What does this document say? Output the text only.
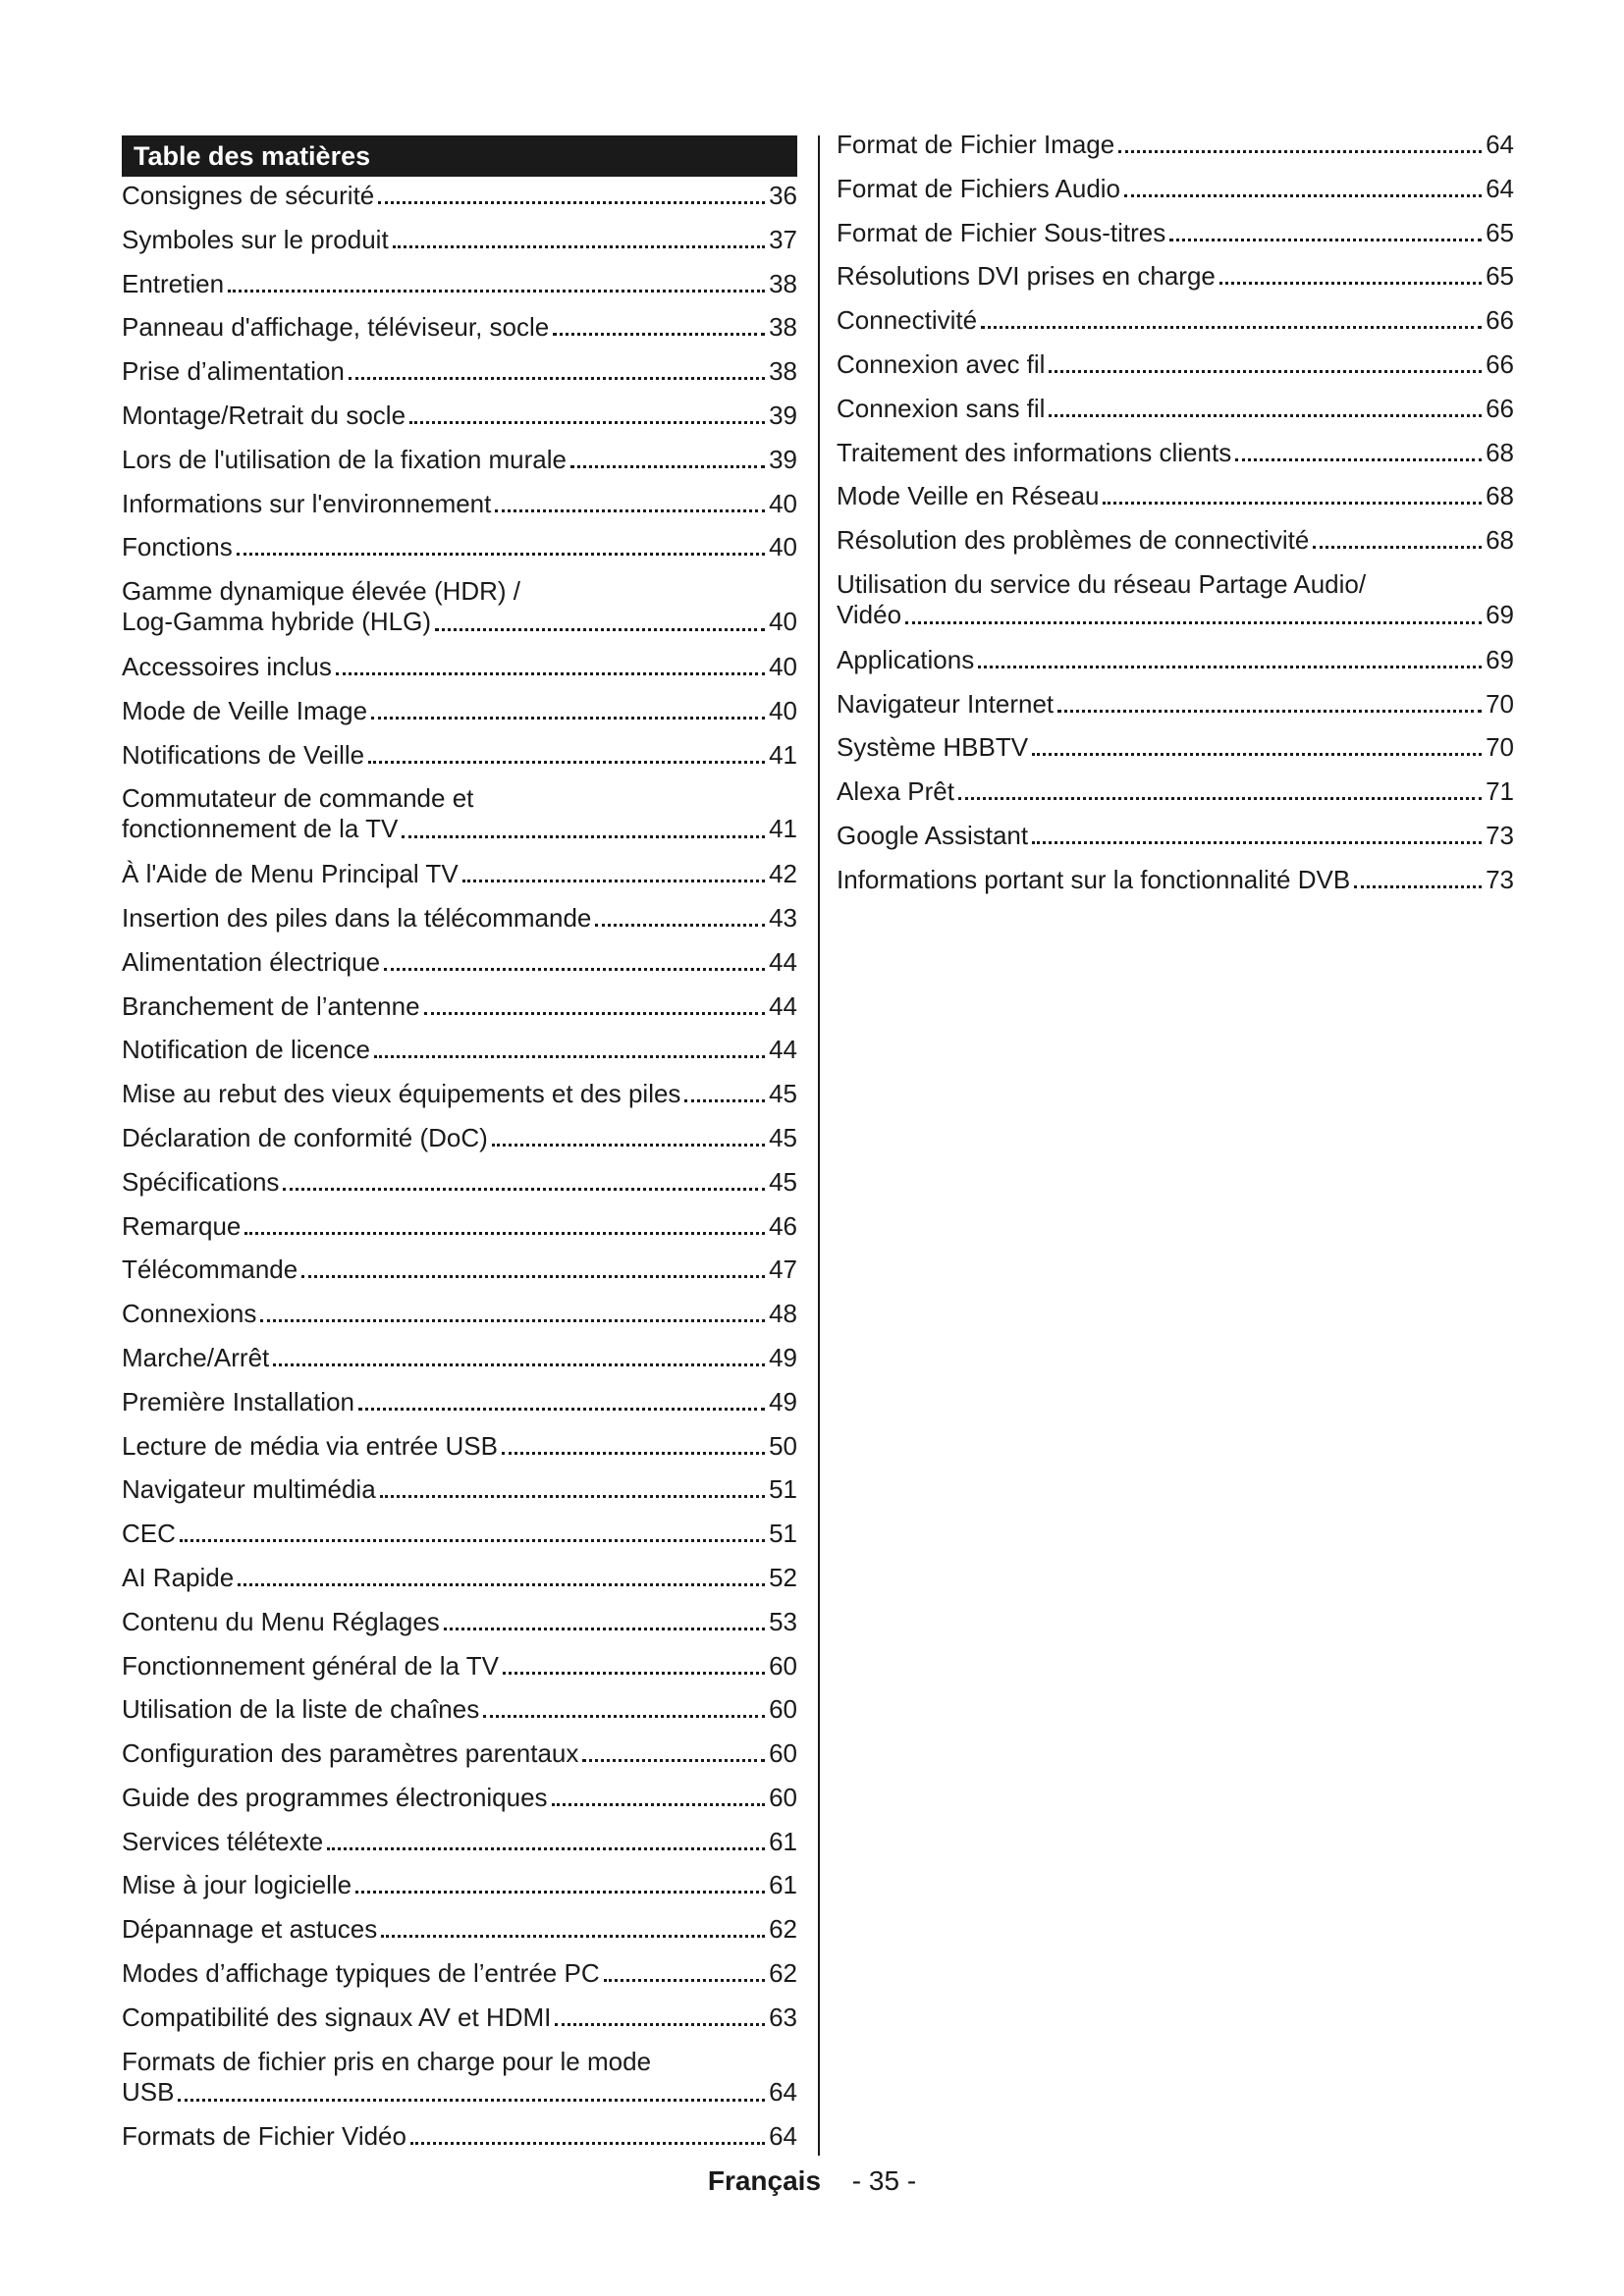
Table des matières
Consignes de sécurité	36
Symboles sur le produit	37
Entretien	38
Panneau d'affichage, téléviseur, socle	38
Prise d’alimentation	38
Montage/Retrait du socle	39
Lors de l'utilisation de la fixation murale	39
Informations sur l'environnement	40
Fonctions	40
Gamme dynamique élevée (HDR) /
Log-Gamma hybride (HLG)	40
Accessoires inclus	40
Mode de Veille Image	40
Notifications de Veille	41
Commutateur de commande et
fonctionnement de la TV	41
À l'Aide de Menu Principal TV	42
Insertion des piles dans la télécommande	43
Alimentation électrique	44
Branchement de l’antenne	44
Notification de licence	44
Mise au rebut des vieux équipements et des piles	45
Déclaration de conformité (DoC)	45
Spécifications	45
Remarque	46
Télécommande	47
Connexions	48
Marche/Arrêt	49
Première Installation	49
Lecture de média via entrée USB	50
Navigateur multimédia	51
CEC	51
AI Rapide	52
Contenu du Menu Réglages	53
Fonctionnement général de la TV	60
Utilisation de la liste de chaînes	60
Configuration des paramètres parentaux	60
Guide des programmes électroniques	60
Services télétexte	61
Mise à jour logicielle	61
Dépannage et astuces	62
Modes d’affichage typiques de l’entrée PC	62
Compatibilité des signaux AV et HDMI	63
Formats de fichier pris en charge pour le mode
USB	64
Formats de Fichier Vidéo	64
Format de Fichier Image	64
Format de Fichiers Audio	64
Format de Fichier Sous-titres	65
Résolutions DVI prises en charge	65
Connectivité	66
Connexion avec fil	66
Connexion sans fil	66
Traitement des informations clients	68
Mode Veille en Réseau	68
Résolution des problèmes de connectivité	68
Utilisation du service du réseau Partage Audio/
Vidéo	69
Applications	69
Navigateur Internet	70
Système HBBTV	70
Alexa Prêt	71
Google Assistant	73
Informations portant sur la fonctionnalité DVB	73
Français - 35 -
